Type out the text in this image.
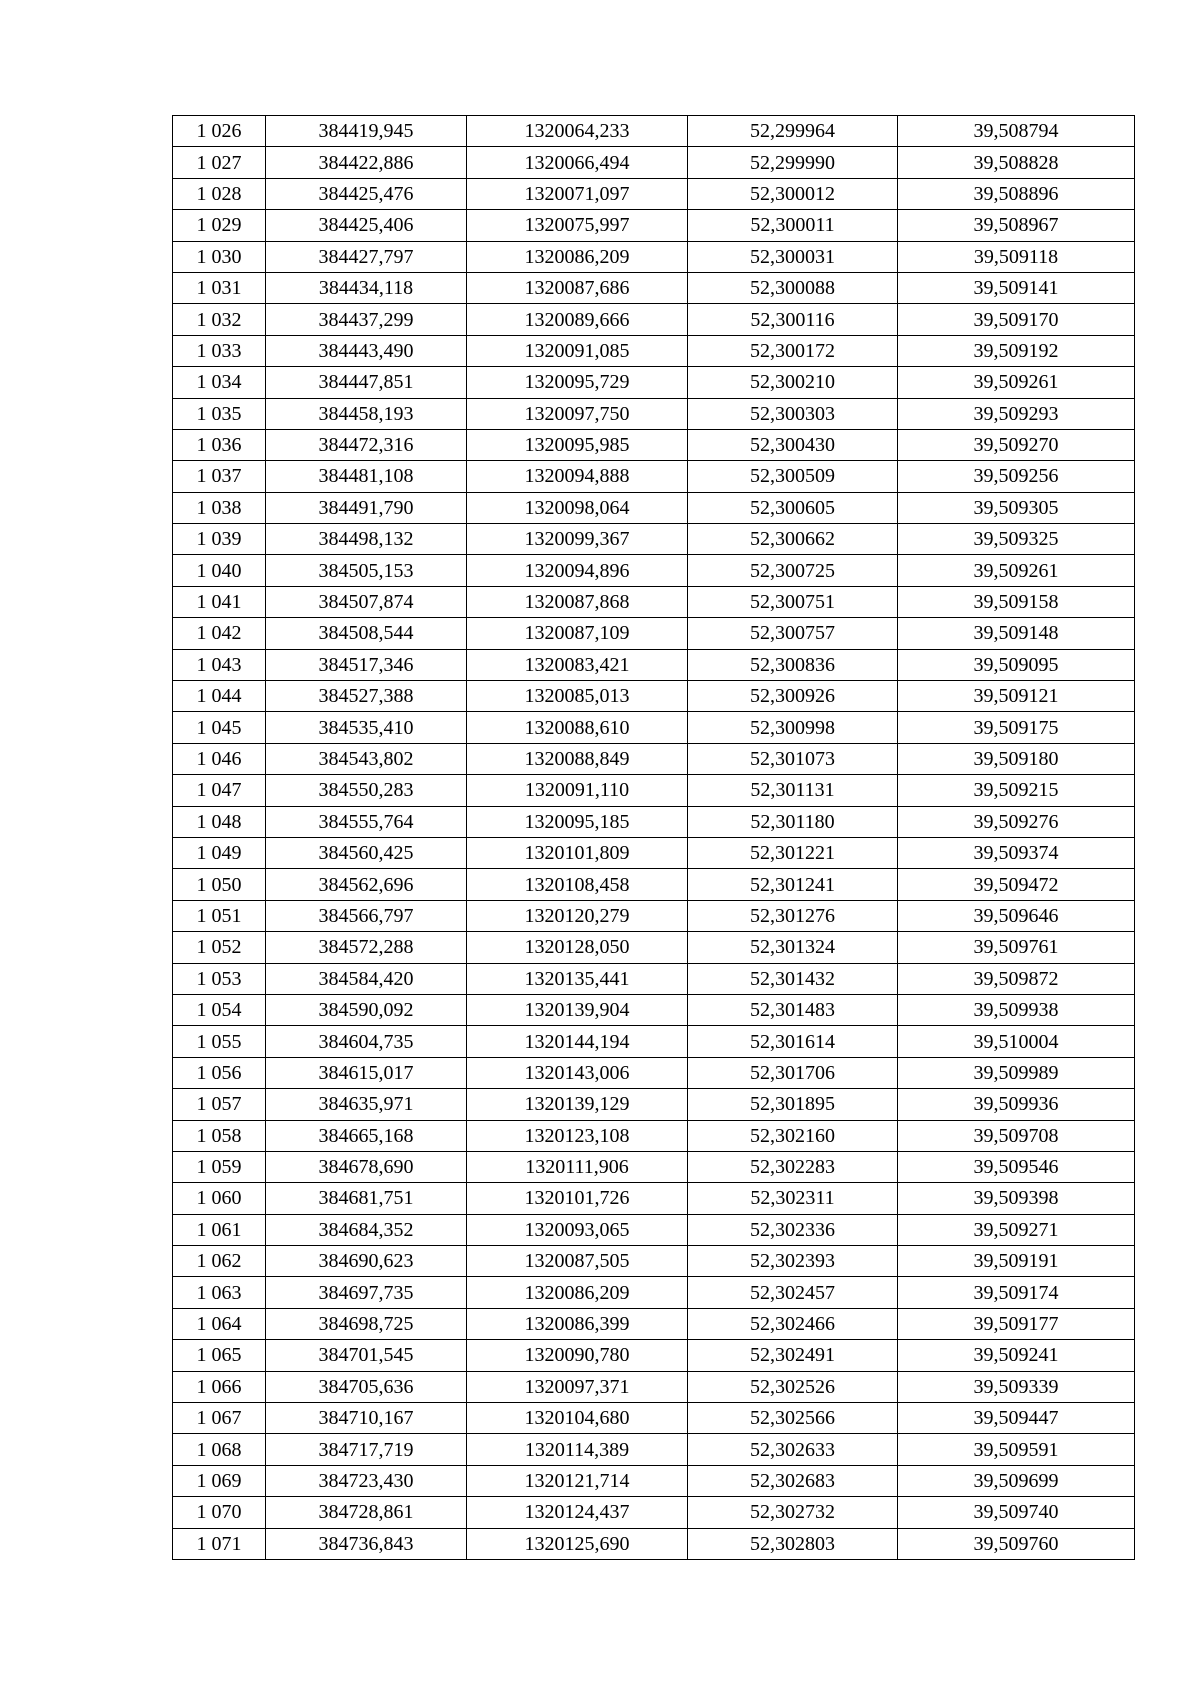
1 026	384419,945	1320064,233	52,299964	39,508794
1 027	384422,886	1320066,494	52,299990	39,508828
1 028	384425,476	1320071,097	52,300012	39,508896
1 029	384425,406	1320075,997	52,300011	39,508967
1 030	384427,797	1320086,209	52,300031	39,509118
1 031	384434,118	1320087,686	52,300088	39,509141
1 032	384437,299	1320089,666	52,300116	39,509170
1 033	384443,490	1320091,085	52,300172	39,509192
1 034	384447,851	1320095,729	52,300210	39,509261
1 035	384458,193	1320097,750	52,300303	39,509293
1 036	384472,316	1320095,985	52,300430	39,509270
1 037	384481,108	1320094,888	52,300509	39,509256
1 038	384491,790	1320098,064	52,300605	39,509305
1 039	384498,132	1320099,367	52,300662	39,509325
1 040	384505,153	1320094,896	52,300725	39,509261
1 041	384507,874	1320087,868	52,300751	39,509158
1 042	384508,544	1320087,109	52,300757	39,509148
1 043	384517,346	1320083,421	52,300836	39,509095
1 044	384527,388	1320085,013	52,300926	39,509121
1 045	384535,410	1320088,610	52,300998	39,509175
1 046	384543,802	1320088,849	52,301073	39,509180
1 047	384550,283	1320091,110	52,301131	39,509215
1 048	384555,764	1320095,185	52,301180	39,509276
1 049	384560,425	1320101,809	52,301221	39,509374
1 050	384562,696	1320108,458	52,301241	39,509472
1 051	384566,797	1320120,279	52,301276	39,509646
1 052	384572,288	1320128,050	52,301324	39,509761
1 053	384584,420	1320135,441	52,301432	39,509872
1 054	384590,092	1320139,904	52,301483	39,509938
1 055	384604,735	1320144,194	52,301614	39,510004
1 056	384615,017	1320143,006	52,301706	39,509989
1 057	384635,971	1320139,129	52,301895	39,509936
1 058	384665,168	1320123,108	52,302160	39,509708
1 059	384678,690	1320111,906	52,302283	39,509546
1 060	384681,751	1320101,726	52,302311	39,509398
1 061	384684,352	1320093,065	52,302336	39,509271
1 062	384690,623	1320087,505	52,302393	39,509191
1 063	384697,735	1320086,209	52,302457	39,509174
1 064	384698,725	1320086,399	52,302466	39,509177
1 065	384701,545	1320090,780	52,302491	39,509241
1 066	384705,636	1320097,371	52,302526	39,509339
1 067	384710,167	1320104,680	52,302566	39,509447
1 068	384717,719	1320114,389	52,302633	39,509591
1 069	384723,430	1320121,714	52,302683	39,509699
1 070	384728,861	1320124,437	52,302732	39,509740
1 071	384736,843	1320125,690	52,302803	39,509760
